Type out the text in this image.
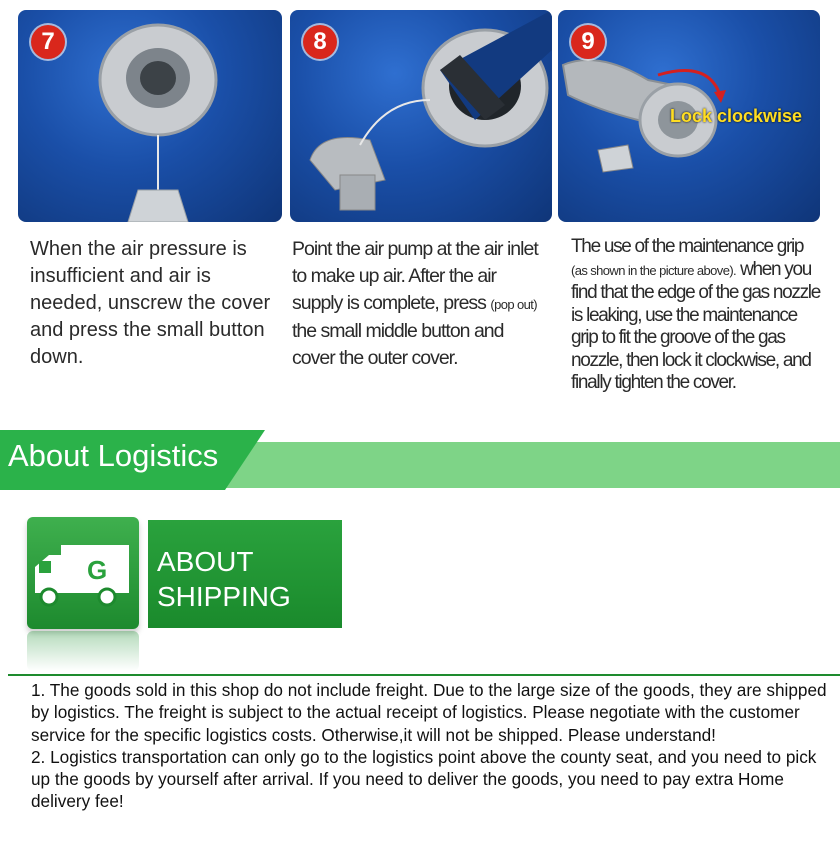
7	8	9
Lock clockwise
When the air pressure is insufficient and air is needed, unscrew the cover and press the small button down.
Point the air pump at the air inlet to make up air. After the air supply is complete, press (pop out) the small middle button and cover the outer cover.
The use of the maintenance grip (as shown in the picture above). when you find that the edge of the gas nozzle is leaking, use the maintenance grip to fit the groove of the gas nozzle, then lock it clockwise, and finally tighten the cover.
About Logistics
G ABOUT
SHIPPING

1. The goods sold in this shop do not include freight. Due to the large size of the goods, they are shipped by logistics. The freight is subject to the actual receipt of logistics. Please negotiate with the customer service for the specific logistics costs. Otherwise,it will not be shipped. Please understand!

2. Logistics transportation can only go to the logistics point above the county seat, and you need to pick up the goods by yourself after arrival. If you need to deliver the goods, you need to pay extra Home delivery fee!
